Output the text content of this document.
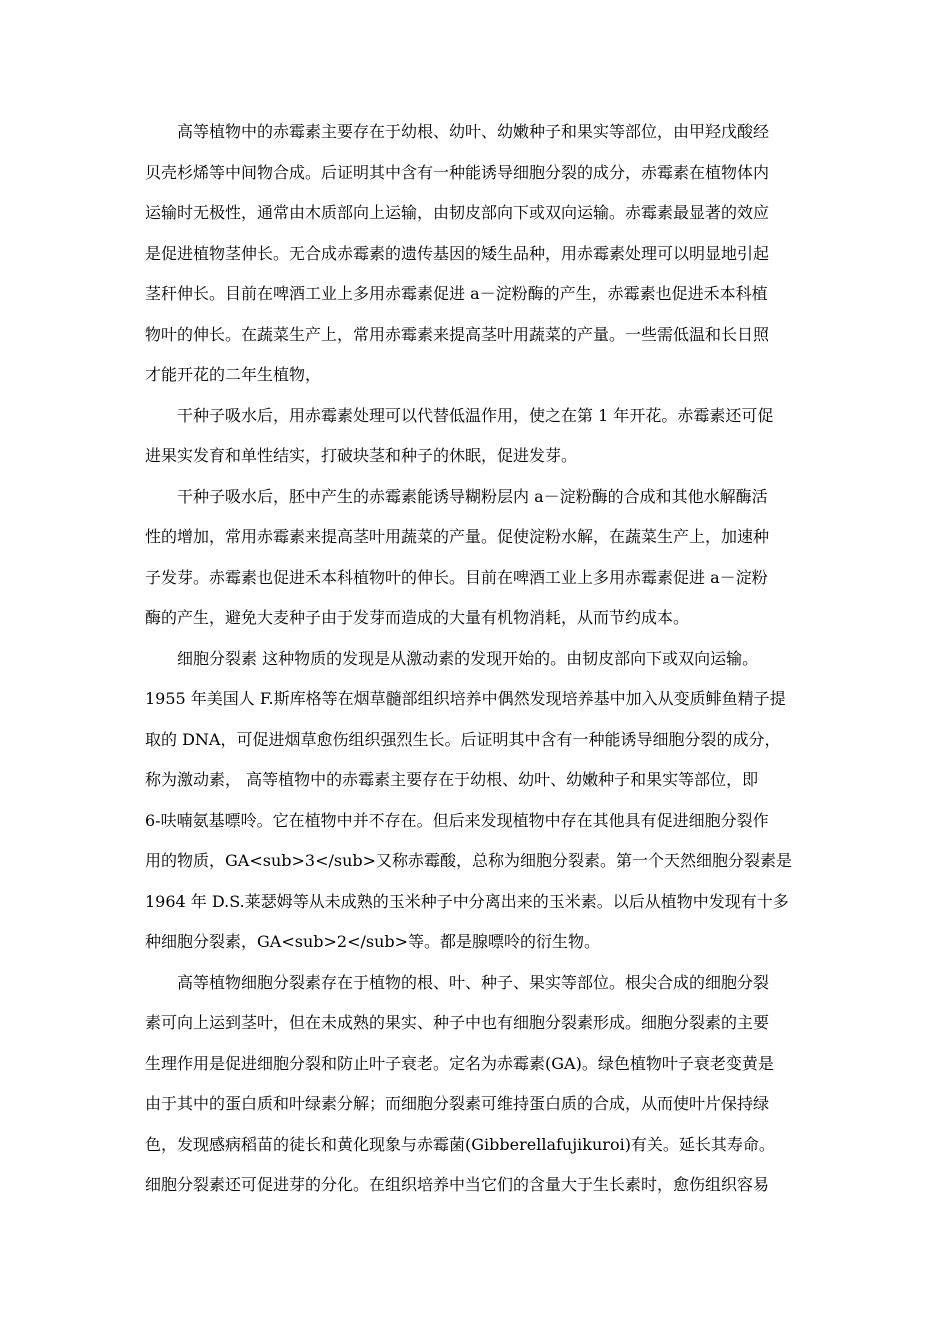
高等植物中的赤霉素主要存在于幼根、幼叶、幼嫩种子和果实等部位，由甲羟戊酸经
贝壳杉烯等中间物合成。后证明其中含有一种能诱导细胞分裂的成分，赤霉素在植物体内
运输时无极性，通常由木质部向上运输，由韧皮部向下或双向运输。赤霉素最显著的效应
是促进植物茎伸长。无合成赤霉素的遗传基因的矮生品种，用赤霉素处理可以明显地引起
茎秆伸长。目前在啤酒工业上多用赤霉素促进 a－淀粉酶的产生，赤霉素也促进禾本科植
物叶的伸长。在蔬菜生产上，常用赤霉素来提高茎叶用蔬菜的产量。一些需低温和长日照
才能开花的二年生植物，
干种子吸水后，用赤霉素处理可以代替低温作用，使之在第 1 年开花。赤霉素还可促
进果实发育和单性结实，打破块茎和种子的休眠，促进发芽。
干种子吸水后，胚中产生的赤霉素能诱导糊粉层内 a－淀粉酶的合成和其他水解酶活
性的增加，常用赤霉素来提高茎叶用蔬菜的产量。促使淀粉水解，在蔬菜生产上，加速种
子发芽。赤霉素也促进禾本科植物叶的伸长。目前在啤酒工业上多用赤霉素促进 a－淀粉
酶的产生，避免大麦种子由于发芽而造成的大量有机物消耗，从而节约成本。
细胞分裂素 这种物质的发现是从激动素的发现开始的。由韧皮部向下或双向运输。
1955 年美国人 F.斯库格等在烟草髓部组织培养中偶然发现培养基中加入从变质鲱鱼精子提
取的 DNA，可促进烟草愈伤组织强烈生长。后证明其中含有一种能诱导细胞分裂的成分，
称为激动素， 高等植物中的赤霉素主要存在于幼根、幼叶、幼嫩种子和果实等部位，即
6-呋喃氨基嘌呤。它在植物中并不存在。但后来发现植物中存在其他具有促进细胞分裂作
用的物质，GA<sub>3</sub>又称赤霉酸，总称为细胞分裂素。第一个天然细胞分裂素是
1964 年 D.S.莱瑟姆等从未成熟的玉米种子中分离出来的玉米素。以后从植物中发现有十多
种细胞分裂素，GA<sub>2</sub>等。都是腺嘌呤的衍生物。
高等植物细胞分裂素存在于植物的根、叶、种子、果实等部位。根尖合成的细胞分裂
素可向上运到茎叶，但在未成熟的果实、种子中也有细胞分裂素形成。细胞分裂素的主要
生理作用是促进细胞分裂和防止叶子衰老。定名为赤霉素(GA)。绿色植物叶子衰老变黄是
由于其中的蛋白质和叶绿素分解；而细胞分裂素可维持蛋白质的合成，从而使叶片保持绿
色，发现感病稻苗的徒长和黄化现象与赤霉菌(Gibberellafujikuroi)有关。延长其寿命。
细胞分裂素还可促进芽的分化。在组织培养中当它们的含量大于生长素时，愈伤组织容易
